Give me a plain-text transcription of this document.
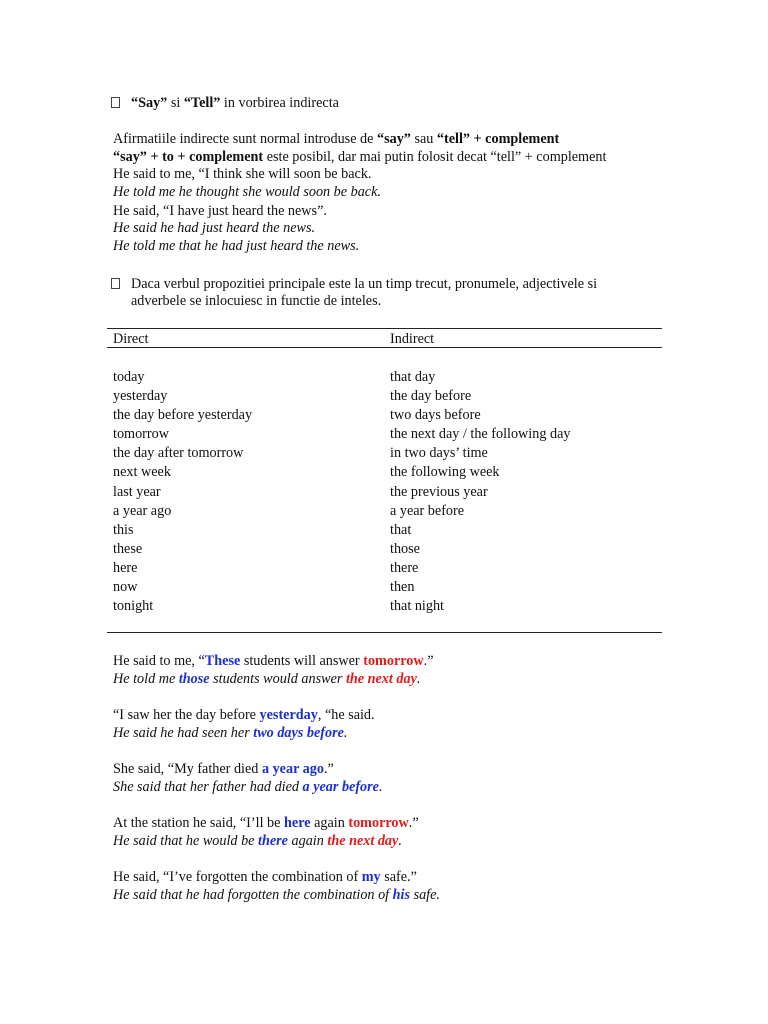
“Say” si “Tell” in vorbirea indirecta
Afirmatiile indirecte sunt normal introduse de “say” sau “tell” + complement
“say” + to + complement este posibil, dar mai putin folosit decat “tell” + complement
He said to me, “I think she will soon be back.
He told me he thought she would soon be back.
He said, “I have just heard the news”.
He said he had just heard the news.
He told me that he had just heard the news.
Daca verbul propozitiei principale este la un timp trecut, pronumele, adjectivele si
adverbele se inlocuiesc in functie de inteles.
Direct	Indirect
today
yesterday
the day before yesterday
tomorrow
the day after tomorrow
next week
last year
a year ago
this
these
here
now
tonight
that day
the day before
two days before
the next day / the following day
in two days’ time
the following week
the previous year
a year before
that
those
there
then
that night
He said to me, “These students will answer tomorrow.”
He told me those students would answer the next day.
“I saw her the day before yesterday, “he said.
He said he had seen her two days before.
She said, “My father died a year ago.”
She said that her father had died a year before.
At the station he said, “I’ll be here again tomorrow.”
He said that he would be there again the next day.
He said, “I’ve forgotten the combination of my safe.”
He said that he had forgotten the combination of his safe.
